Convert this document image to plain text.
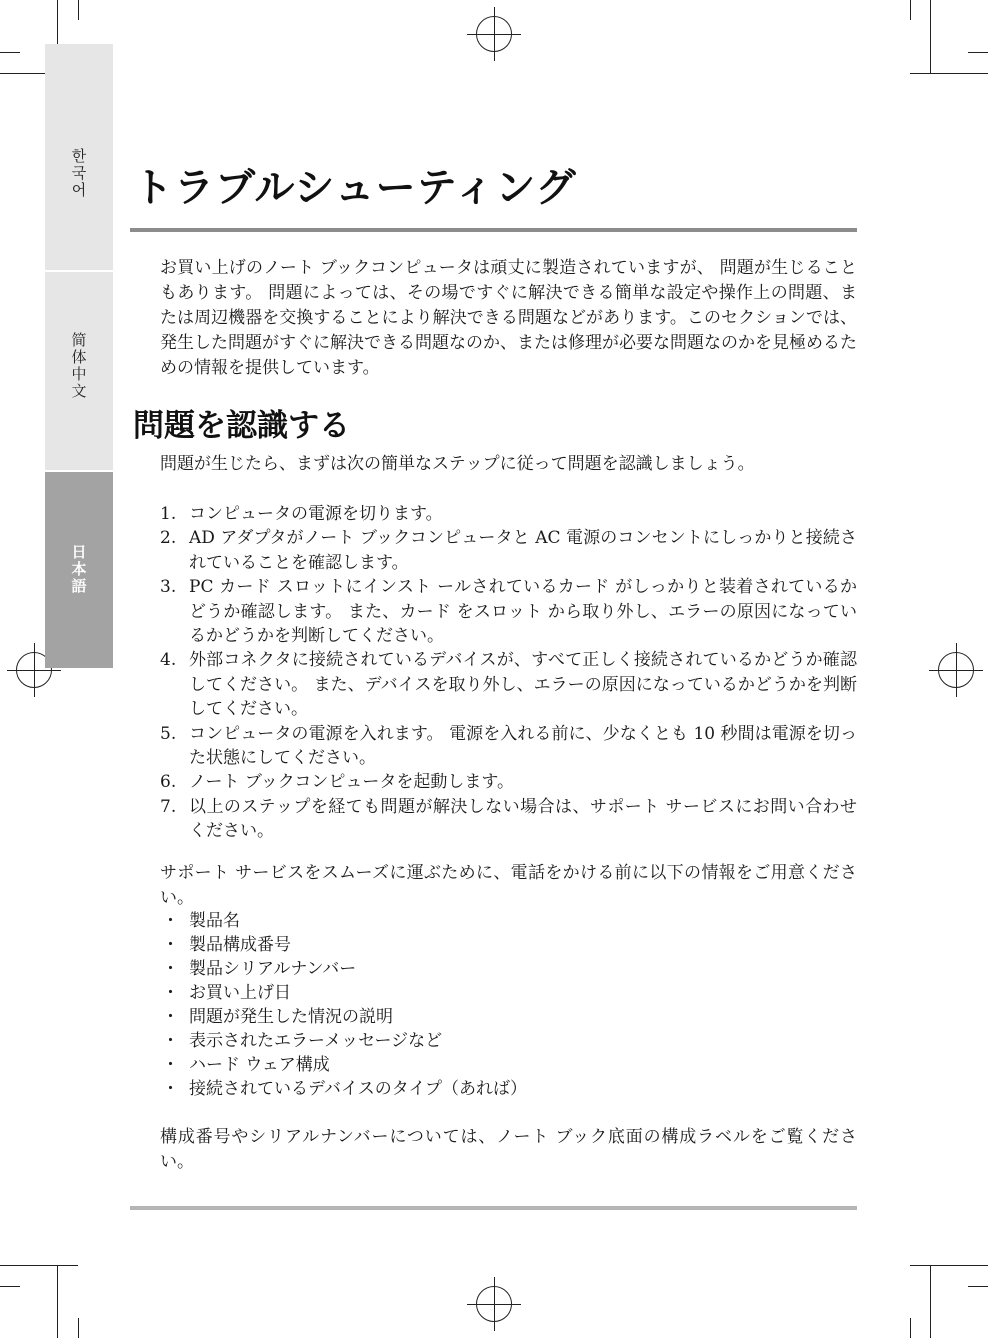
한국어
简体中文
日本語
トラブルシューティング

お買い上げのノート ブックコンピュータは頑丈に製造されていますが、 問題が生じることもあります。 問題によっては、その場ですぐに解決できる簡単な設定や操作上の問題、または周辺機器を交換することにより解決できる問題などがあります。このセクションでは、発生した問題がすぐに解決できる問題なのか、または修理が必要な問題なのかを見極めるための情報を提供しています。

問題を認識する

問題が生じたら、まずは次の簡単なステップに従って問題を認識しましょう。

1. コンピュータの電源を切ります。
2. AD アダプタがノート ブックコンピュータと AC 電源のコンセントにしっかりと接続されていることを確認します。
3. PC カード スロットにインスト ールされているカード がしっかりと装着されているかどうか確認します。 また、カード をスロット から取り外し、エラーの原因になっているかどうかを判断してください。
4. 外部コネクタに接続されているデバイスが、すべて正しく接続されているかどうか確認してください。 また、デバイスを取り外し、エラーの原因になっているかどうかを判断してください。
5. コンピュータの電源を入れます。 電源を入れる前に、少なくとも 10 秒間は電源を切った状態にしてください。
6. ノート ブックコンピュータを起動します。
7. 以上のステップを経ても問題が解決しない場合は、サポート サービスにお問い合わせください。

サポート サービスをスムーズに運ぶために、電話をかける前に以下の情報をご用意ください。

・ 製品名
・ 製品構成番号
・ 製品シリアルナンバー
・ お買い上げ日
・ 問題が発生した情況の説明
・ 表示されたエラーメッセージなど
・ ハード ウェア構成
・ 接続されているデバイスのタイプ（あれば）

構成番号やシリアルナンバーについては、ノート ブック底面の構成ラベルをご覧ください。
